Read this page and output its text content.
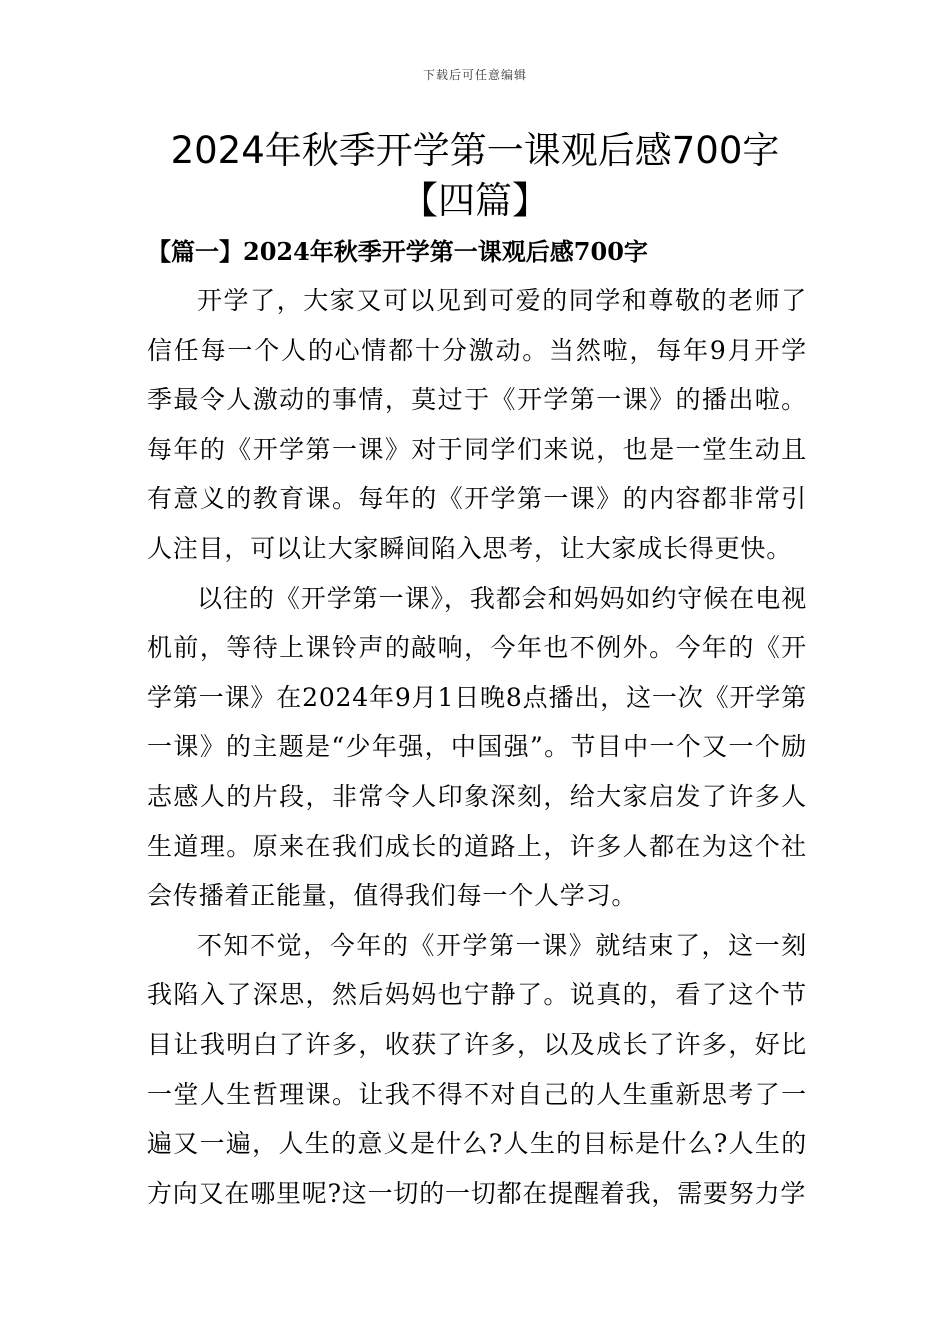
下载后可任意编辑
2024年秋季开学第一课观后感700字【四篇】
【篇一】2024年秋季开学第一课观后感700字

开学了，大家又可以见到可爱的同学和尊敬的老师了信任每一个人的心情都十分激动。当然啦，每年9月开学季最令人激动的事情，莫过于《开学第一课》的播出啦。每年的《开学第一课》对于同学们来说，也是一堂生动且有意义的教育课。每年的《开学第一课》的内容都非常引人注目，可以让大家瞬间陷入思考，让大家成长得更快。

以往的《开学第一课》，我都会和妈妈如约守候在电视机前，等待上课铃声的敲响，今年也不例外。今年的《开学第一课》在2024年9月1日晚8点播出，这一次《开学第一课》的主题是“少年强，中国强”。节目中一个又一个励志感人的片段，非常令人印象深刻，给大家启发了许多人生道理。原来在我们成长的道路上，许多人都在为这个社会传播着正能量，值得我们每一个人学习。

不知不觉，今年的《开学第一课》就结束了，这一刻我陷入了深思，然后妈妈也宁静了。说真的，看了这个节目让我明白了许多，收获了许多，以及成长了许多，好比一堂人生哲理课。让我不得不对自己的人生重新思考了一遍又一遍，人生的意义是什么?人生的目标是什么?人生的方向又在哪里呢?这一切的一切都在提醒着我，需要努力学
